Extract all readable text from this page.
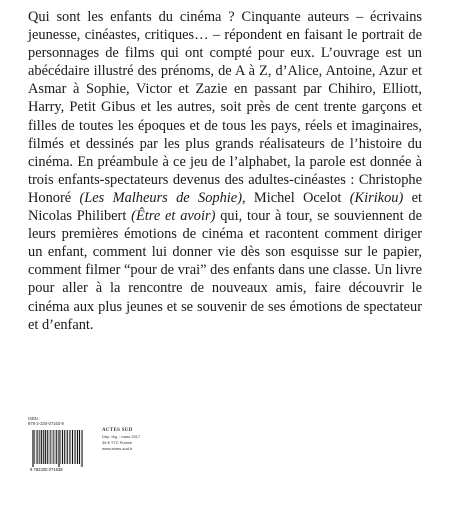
Qui sont les enfants du cinéma ? Cinquante auteurs – écrivains jeunesse, cinéastes, critiques… – répondent en faisant le portrait de personnages de films qui ont compté pour eux. L’ouvrage est un abécédaire illustré des prénoms, de A à Z, d’Alice, Antoine, Azur et Asmar à Sophie, Victor et Zazie en passant par Chihiro, Elliott, Harry, Petit Gibus et les autres, soit près de cent trente garçons et filles de toutes les époques et de tous les pays, réels et imaginaires, filmés et dessinés par les plus grands réalisateurs de l’histoire du cinéma. En préambule à ce jeu de l’alphabet, la parole est donnée à trois enfants-spectateurs devenus des adultes-cinéastes : Christophe Honoré (Les Malheurs de Sophie), Michel Ocelot (Kirikou) et Nicolas Philibert (Être et avoir) qui, tour à tour, se souviennent de leurs premières émotions de cinéma et racontent comment diriger un enfant, comment lui donner vie dès son esquisse sur le papier, comment filmer “pour de vrai” des enfants dans une classe. Un livre pour aller à la rencontre de nouveaux amis, faire découvrir le cinéma aux plus jeunes et se souvenir de ses émotions de spectateur et d’enfant.

ISBN :
978-2-330-07163-8
9 782330 071638
ACTES SUD
Dép. lég. : mars 2017
36 € TTC France
www.actes-sud.fr
